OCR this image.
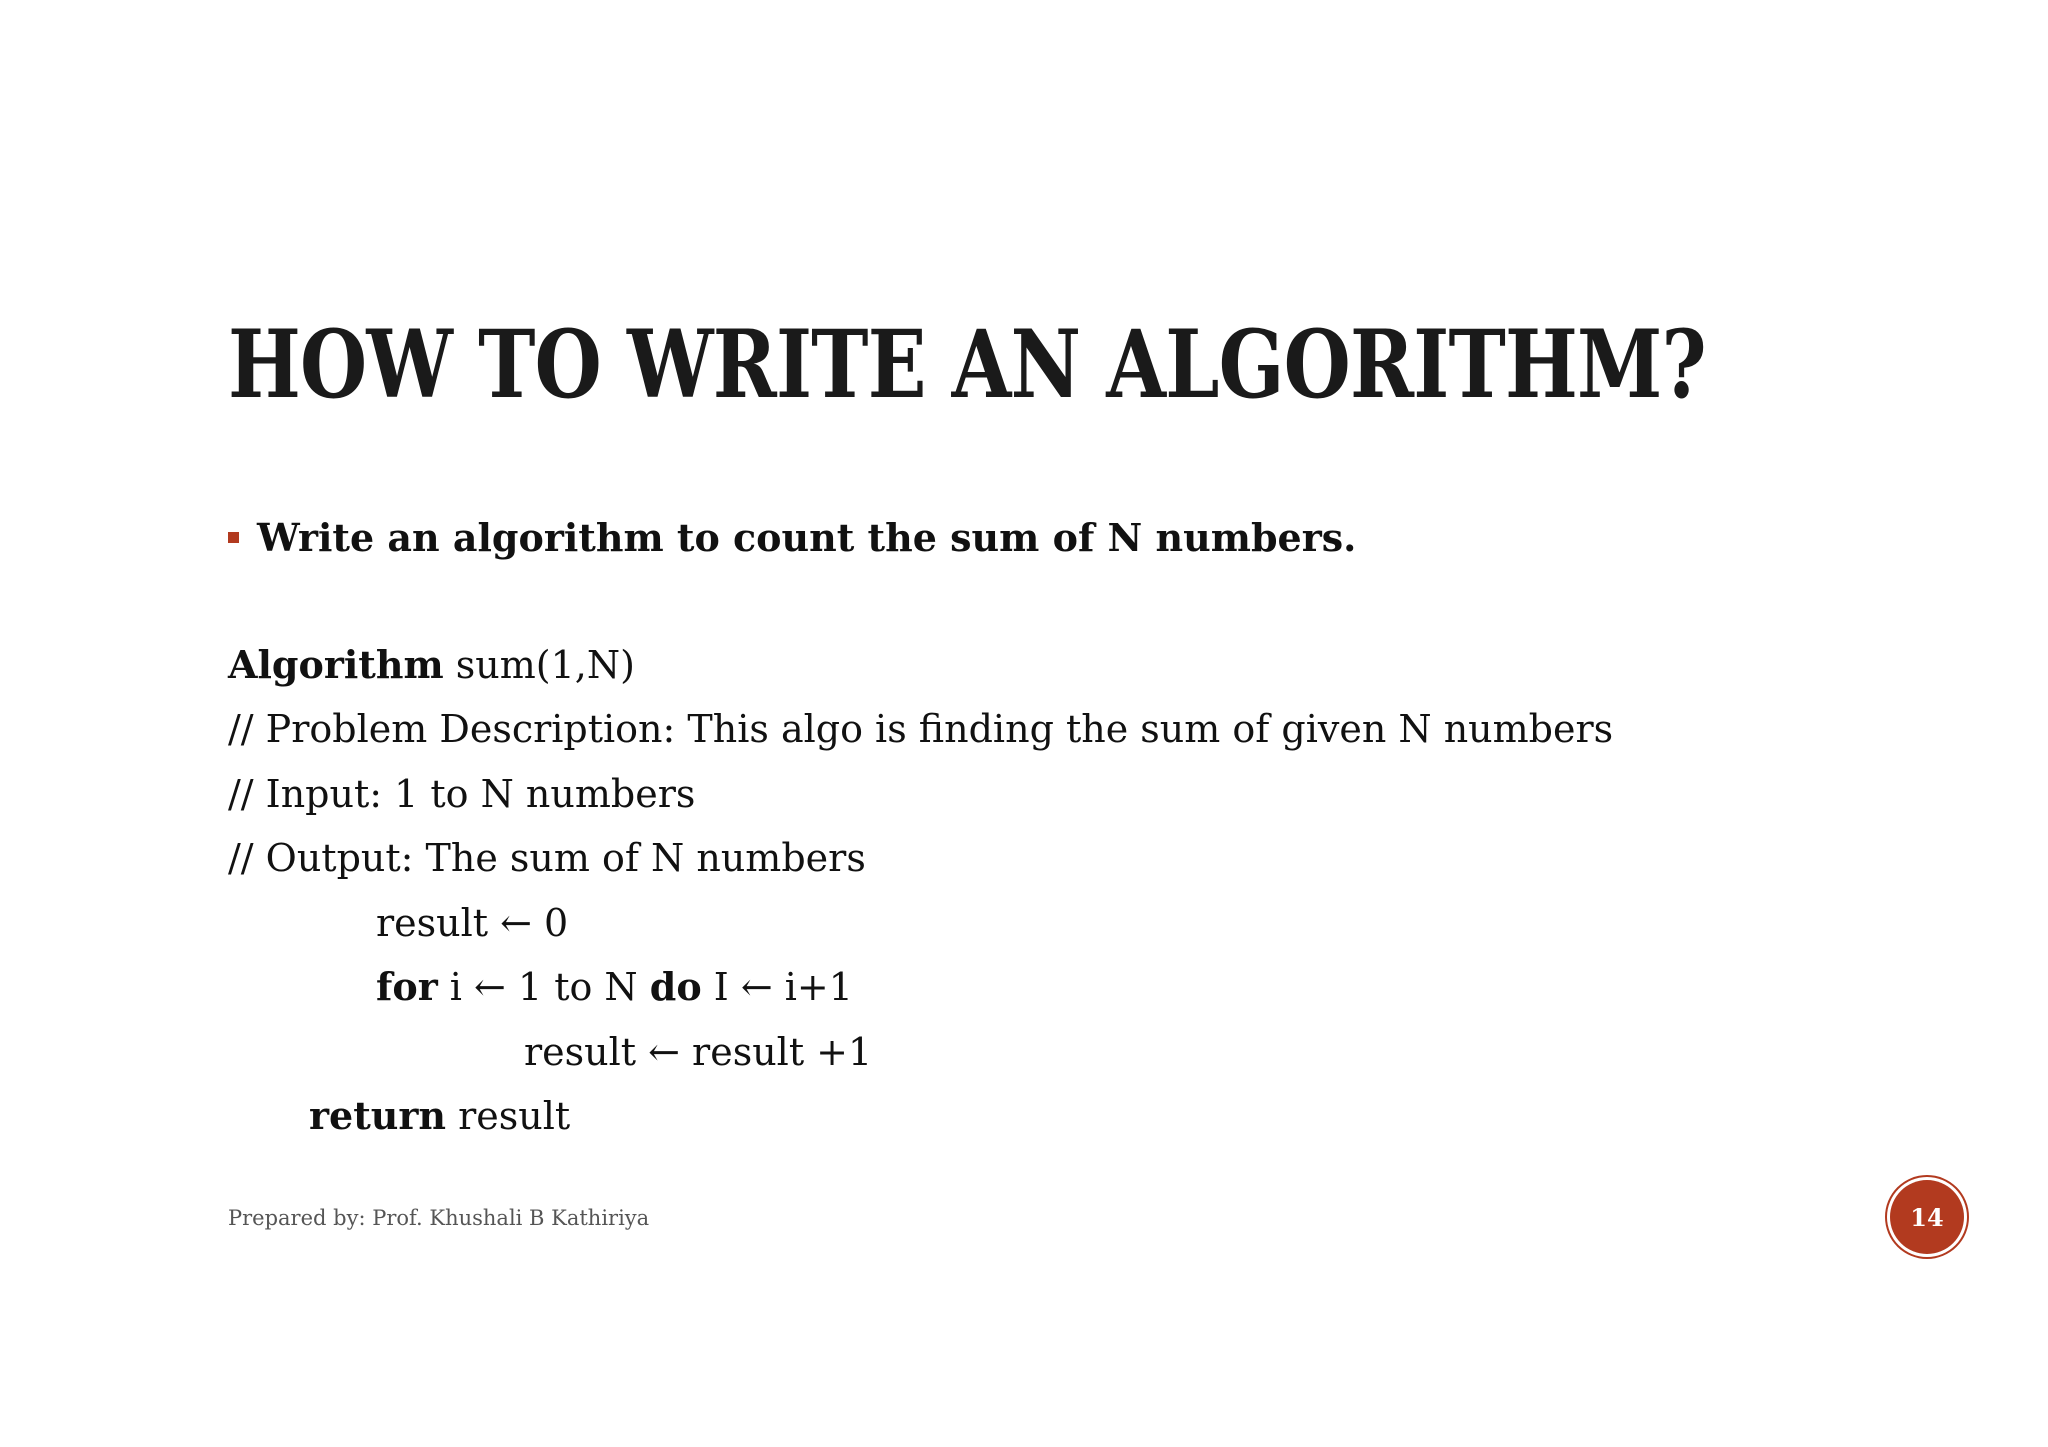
HOW TO WRITE AN ALGORITHM?
Write an algorithm to count the sum of N numbers.
Algorithm sum(1,N)
// Problem Description: This algo is finding the sum of given N numbers
// Input: 1 to N numbers
// Output: The sum of N numbers
result ← 0
for i ← 1 to N do I ← i+1
result ← result +1
return result
Prepared by: Prof. Khushali B Kathiriya	14
